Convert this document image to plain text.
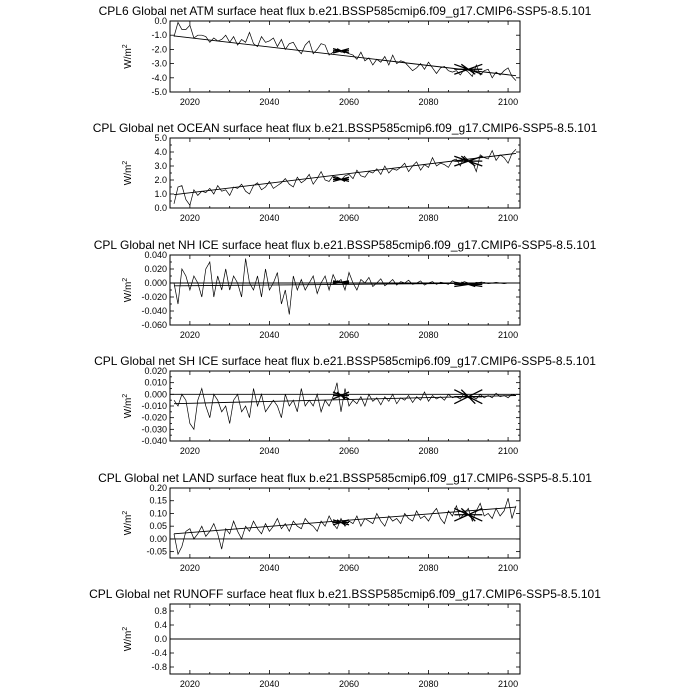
CPL6 Global net ATM surface heat flux b.e21.BSSP585cmip6.f09_g17.CMIP6-SSP5-8.5.101
2020	2040	2060	2080	2100
0.0
-1.0
-2.0
-3.0
-4.0
-5.0
$W/m^2$
CPL Global net OCEAN surface heat flux b.e21.BSSP585cmip6.f09_g17.CMIP6-SSP5-8.5.101
2020	2040	2060	2080	2100
0.0
1.0
2.0
3.0
4.0
5.0
$W/m^2$
CPL Global net NH ICE surface heat flux b.e21.BSSP585cmip6.f09_g17.CMIP6-SSP5-8.5.101
2020	2040	2060	2080	2100
0.040
0.020
0.000
-0.020
-0.040
-0.060
$W/m^2$
CPL Global net SH ICE surface heat flux b.e21.BSSP585cmip6.f09_g17.CMIP6-SSP5-8.5.101
2020	2040	2060	2080	2100
0.020
0.010
0.000
-0.010
-0.020
-0.030
-0.040
$W/m^2$
CPL Global net LAND surface heat flux b.e21.BSSP585cmip6.f09_g17.CMIP6-SSP5-8.5.101
2020	2040	2060	2080	2100
0.20
0.15
0.10
0.05
0.00
-0.05
$W/m^2$
CPL Global net RUNOFF surface heat flux b.e21.BSSP585cmip6.f09_g17.CMIP6-SSP5-8.5.101
2020	2040	2060	2080	2100
0.8
0.4
0.0
-0.4
-0.8
$W/m^2$
